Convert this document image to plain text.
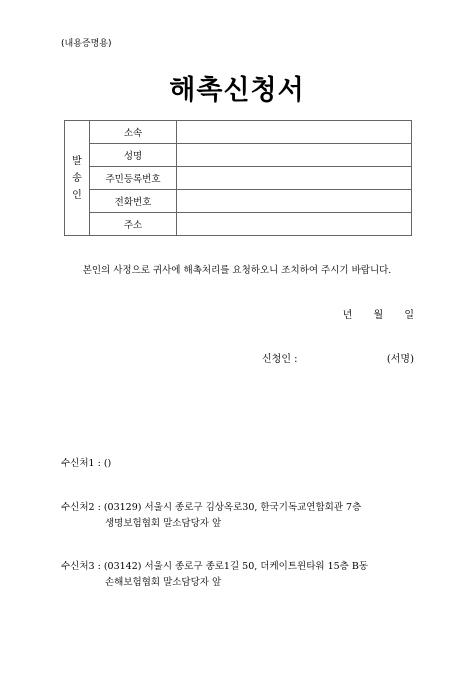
(내용증명용)
해촉신청서
발
송
인	소속	
	성명	
	주민등록번호	
	전화번호	
	주소	
본인의 사정으로 귀사에 해촉처리를 요청하오니 조치하여 주시기 바랍니다.
년 월 일
신청인 :	(서명)
수신처1 : ()
수신처2 : (03129) 서울시 종로구 김상옥로30, 한국기독교연합회관 7층
생명보험협회 말소담당자 앞
수신처3 : (03142) 서울시 종로구 종로1길 50, 더케이트윈타워 15층 B동
손해보험협회 말소담당자 앞
